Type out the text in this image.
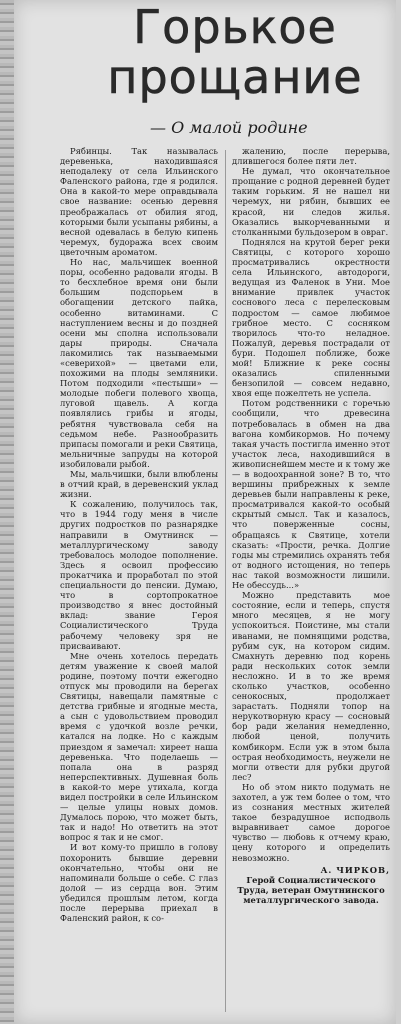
Горькое
прощание
— О малой родине

Рябинцы. Так называлась деревенька, находившаяся неподалеку от села Ильинского Фаленского района, где я родился. Она в какой-то мере оправдывала свое название: осенью деревня преображалась от обилия ягод, которыми были усыпаны рябины, а весной одевалась в белую кипень черемух, будоража всех своим цветочным ароматом.

Но нас, мальчишек военной поры, особенно радовали ягоды. В то бесхлебное время они были большим подспорьем в обогащении детского пайка, особенно витаминами. С наступлением весны и до поздней осени мы сполна использовали дары природы. Сначала лакомились так называемыми «северихой» — цветами ели, похожими на плоды земляники. Потом подходили «пестыши» — молодые побеги полевого хвоща, луговой щавель. А когда появлялись грибы и ягоды, ребятня чувствовала себя на седьмом небе. Разнообразить припасы помогали и реки Святица, мельничные запруды на которой изобиловали рыбой.

Мы, мальчишки, были влюблены в отчий край, в деревенский уклад жизни.

К сожалению, получилось так, что в 1944 году меня в числе других подростков по разнарядке направили в Омутнинск — металлургическому заводу требовалось молодое пополнение. Здесь я освоил профессию прокатчика и проработал по этой специальности до пенсии. Думаю, что в сортопрокатное производство я внес достойный вклад: звание Героя Социалистического Труда рабочему человеку зря не присваивают.

Мне очень хотелось передать детям уважение к своей малой родине, поэтому почти ежегодно отпуск мы проводили на берегах Святицы, навещали памятные с детства грибные и ягодные места, а сын с удовольствием проводил время с удочкой возле речки, катался на лодке. Но с каждым приездом я замечал: хиреет наша деревенька. Что поделаешь — попала она в разряд неперспективных. Душевная боль в какой-то мере утихала, когда видел постройки в селе Ильинском — целые улицы новых домов. Думалось порою, что может быть, так и надо! Но ответить на этот вопрос я так и не смог.

И вот кому-то пришло в голову похоронить бывшие деревни окончательно, чтобы они не напоминали больше о себе. С глаз долой — из сердца вон. Этим убедился прошлым летом, когда после перерыва приехал в Фаленский район, к со-

жалению, после перерыва, длившегося более пяти лет.

Не думал, что окончательное прощание с родной деревней будет таким горьким. Я не нашел ни черемух, ни рябин, бывших ее красой, ни следов жилья. Оказались выкорчеванными и столканными бульдозером в овраг.

Поднялся на крутой берег реки Святицы, с которого хорошо просматривались окрестности села Ильинского, автодороги, ведущая из Фаленок в Уни. Мое внимание привлек участок соснового леса с перелесковым подростом — самое любимое грибное место. С сосняком творилось что-то неладное. Пожалуй, деревья пострадали от бури. Подошел поближе, боже мой! Ближние к реке сосны оказались спиленными бензопилой — совсем недавно, хвоя еще пожелтеть не успела.

Потом родственники с горечью сообщили, что древесина потребовалась в обмен на два вагона комбикормов. Но почему такая участь постигла именно этот участок леса, находившийся в живописнейшем месте и к тому же — в водоохранной зоне? В то, что вершины прибрежных к земле деревьев были направлены к реке, просматривался какой-то особый скрытый смысл. Так и казалось, что поверженные сосны, обращаясь к Святице, хотели сказать: «Прости, речка. Долгие годы мы стремились охранять тебя от водного истощения, но теперь нас такой возможности лишили. Не обессудь...»

Можно представить мое состояние, если и теперь, спустя много месяцев, я не могу успокоиться. Поистине, мы стали иванами, не помнящими родства, рубим сук, на котором сидим. Смахнуть деревню под корень ради нескольких соток земли несложно. И в то же время сколько участков, особенно сенокосных, продолжает зарастать. Подняли топор на нерукотворную красу — сосновый бор ради желания немедленно, любой ценой, получить комбикорм. Если уж в этом была острая необходимость, неужели не могли отвести для рубки другой лес?

Но об этом никто подумать не захотел, а уж тем более о том, что из сознания местных жителей такое безрадушное исподволь выравнивает самое дорогое чувство — любовь к отчему краю, цену которого и определить невозможно.

А. ЧИРКОВ,
Герой Социалистического Труда, ветеран Омутнинского металлургического завода.
